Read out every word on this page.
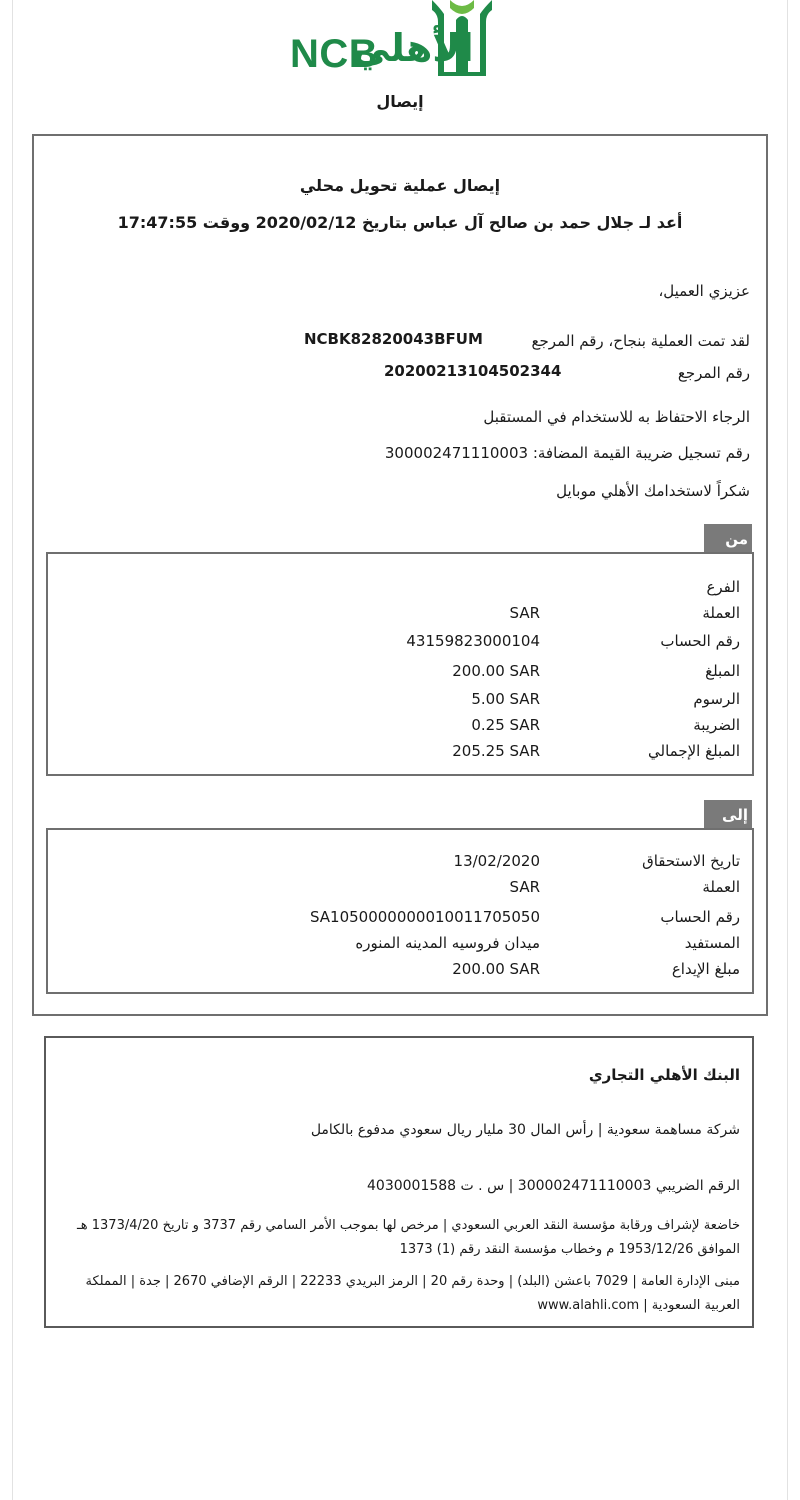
NCB
الأهلي
إيصال
إيصال عملية تحويل محلي
أعد لـ جلال حمد بن صالح آل عباس بتاريخ 2020/02/12 ووقت 17:47:55
عزيزي العميل،
لقد تمت العملية بنجاح، رقم المرجع
NCBK82820043BFUM
رقم المرجع
20200213104502344
الرجاء الاحتفاظ به للاستخدام في المستقبل
رقم تسجيل ضريبة القيمة المضافة: 300002471110003
شكراً لاستخدامك الأهلي موبايل
من
الفرع
العملة
SAR
رقم الحساب
43159823000104
المبلغ
200.00 SAR
الرسوم
5.00 SAR
الضريبة
0.25 SAR
المبلغ الإجمالي
205.25 SAR
إلى
تاريخ الاستحقاق
13/02/2020
العملة
SAR
رقم الحساب
SA1050000000010011705050
المستفيد
ميدان فروسيه المدينه المنوره
مبلغ الإيداع
200.00 SAR
البنك الأهلي التجاري
شركة مساهمة سعودية | رأس المال 30 مليار ريال سعودي مدفوع بالكامل
الرقم الضريبي 300002471110003 | س . ت 4030001588
خاضعة لإشراف ورقابة مؤسسة النقد العربي السعودي | مرخص لها بموجب الأمر السامي رقم 3737 و تاريخ 1373/4/20 هـ
الموافق 1953/12/26 م وخطاب مؤسسة النقد رقم (1) 1373
مبنى الإدارة العامة | 7029 باعشن (البلد) | وحدة رقم 20 | الرمز البريدي 22233 | الرقم الإضافي 2670 | جدة | المملكة
العربية السعودية | www.alahli.com
